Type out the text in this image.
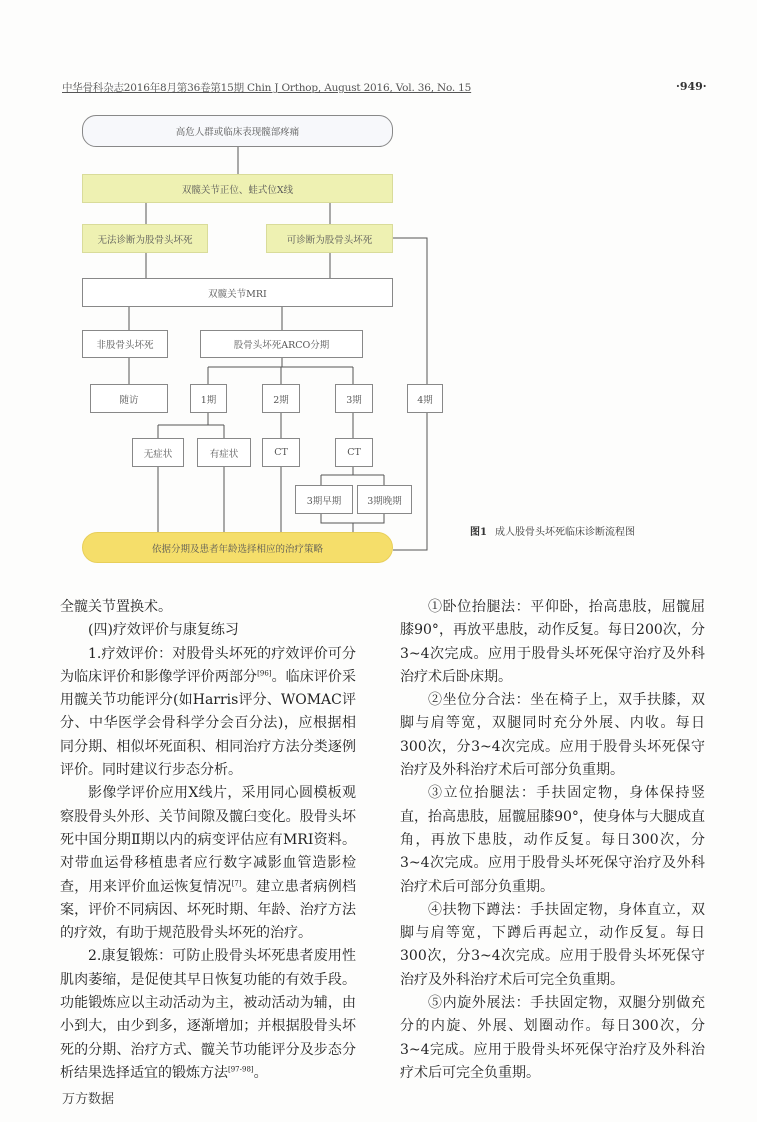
中华骨科杂志2016年8月第36卷第15期 Chin J Orthop, August 2016, Vol. 36, No. 15	·949·
高危人群或临床表现髋部疼痛
双髋关节正位、蛙式位X线
无法诊断为股骨头坏死	可诊断为股骨头坏死
双髋关节MRI
非股骨头坏死	股骨头坏死ARCO分期
随访	1期	2期	3期	4期
无症状	有症状	CT	CT
3期早期	3期晚期
依据分期及患者年龄选择相应的治疗策略
图1 成人股骨头坏死临床诊断流程图

全髋关节置换术。

(四)疗效评价与康复练习

1.疗效评价：对股骨头坏死的疗效评价可分为临床评价和影像学评价两部分[96]。临床评价采用髋关节功能评分(如Harris评分、WOMAC评分、中华医学会骨科学分会百分法)，应根据相同分期、相似坏死面积、相同治疗方法分类逐例评价。同时建议行步态分析。

影像学评价应用X线片，采用同心圆模板观察股骨头外形、关节间隙及髋臼变化。股骨头坏死中国分期Ⅱ期以内的病变评估应有MRI资料。对带血运骨移植患者应行数字减影血管造影检查，用来评价血运恢复情况[7]。建立患者病例档案，评价不同病因、坏死时期、年龄、治疗方法的疗效，有助于规范股骨头坏死的治疗。

2.康复锻炼：可防止股骨头坏死患者废用性肌肉萎缩，是促使其早日恢复功能的有效手段。功能锻炼应以主动活动为主，被动活动为辅，由小到大，由少到多，逐渐增加；并根据股骨头坏死的分期、治疗方式、髋关节功能评分及步态分析结果选择适宜的锻炼方法[97-98]。

①卧位抬腿法：平仰卧，抬高患肢，屈髋屈膝90°，再放平患肢，动作反复。每日200次，分3~4次完成。应用于股骨头坏死保守治疗及外科治疗术后卧床期。

②坐位分合法：坐在椅子上，双手扶膝，双脚与肩等宽，双腿同时充分外展、内收。每日300次，分3~4次完成。应用于股骨头坏死保守治疗及外科治疗术后可部分负重期。

③立位抬腿法：手扶固定物，身体保持竖直，抬高患肢，屈髋屈膝90°，使身体与大腿成直角，再放下患肢，动作反复。每日300次，分3~4次完成。应用于股骨头坏死保守治疗及外科治疗术后可部分负重期。

④扶物下蹲法：手扶固定物，身体直立，双脚与肩等宽，下蹲后再起立，动作反复。每日300次，分3~4次完成。应用于股骨头坏死保守治疗及外科治疗术后可完全负重期。

⑤内旋外展法：手扶固定物，双腿分别做充分的内旋、外展、划圈动作。每日300次，分3~4完成。应用于股骨头坏死保守治疗及外科治疗术后可完全负重期。

万方数据
